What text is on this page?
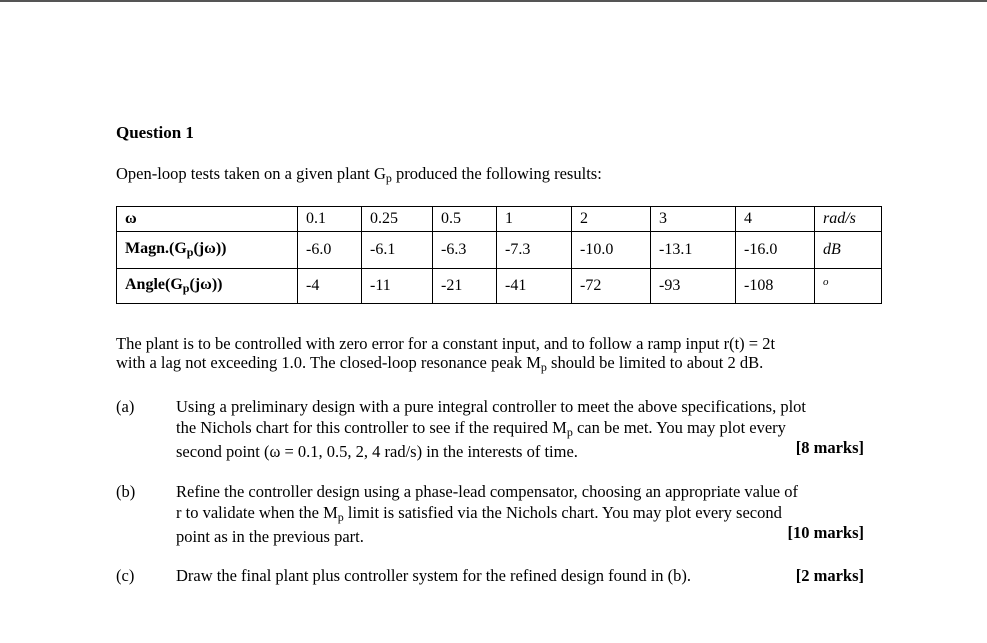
Question 1
Open-loop tests taken on a given plant $G_p$ produced the following results:
ω	0.1	0.25	0.5	1	2	3	4	rad/s
$Magn.(G_p(j\omega))$	-6.0	-6.1	-6.3	-7.3	-10.0	-13.1	-16.0	dB
$Angle(G_p(j\omega))$	-4	-11	-21	-41	-72	-93	-108	$^o$
The plant is to be controlled with zero error for a constant input, and to follow a ramp input r(t) = 2t
with a lag not exceeding 1.0. The closed-loop resonance peak $M_p$ should be limited to about 2 dB.
(a)	Using a preliminary design with a pure integral controller to meet the above specifications, plot
the Nichols chart for this controller to see if the required $M_p$ can be met. You may plot every
second point (ω = 0.1, 0.5, 2, 4 rad/s) in the interests of time.	[8 marks]
(b) Refine the controller design using a phase-lead compensator, choosing an appropriate value of
r to validate when the $M_p$ limit is satisfied via the Nichols chart. You may plot every second
point as in the previous part.	[10 marks]
(c)	Draw the final plant plus controller system for the refined design found in (b).	[2 marks]
